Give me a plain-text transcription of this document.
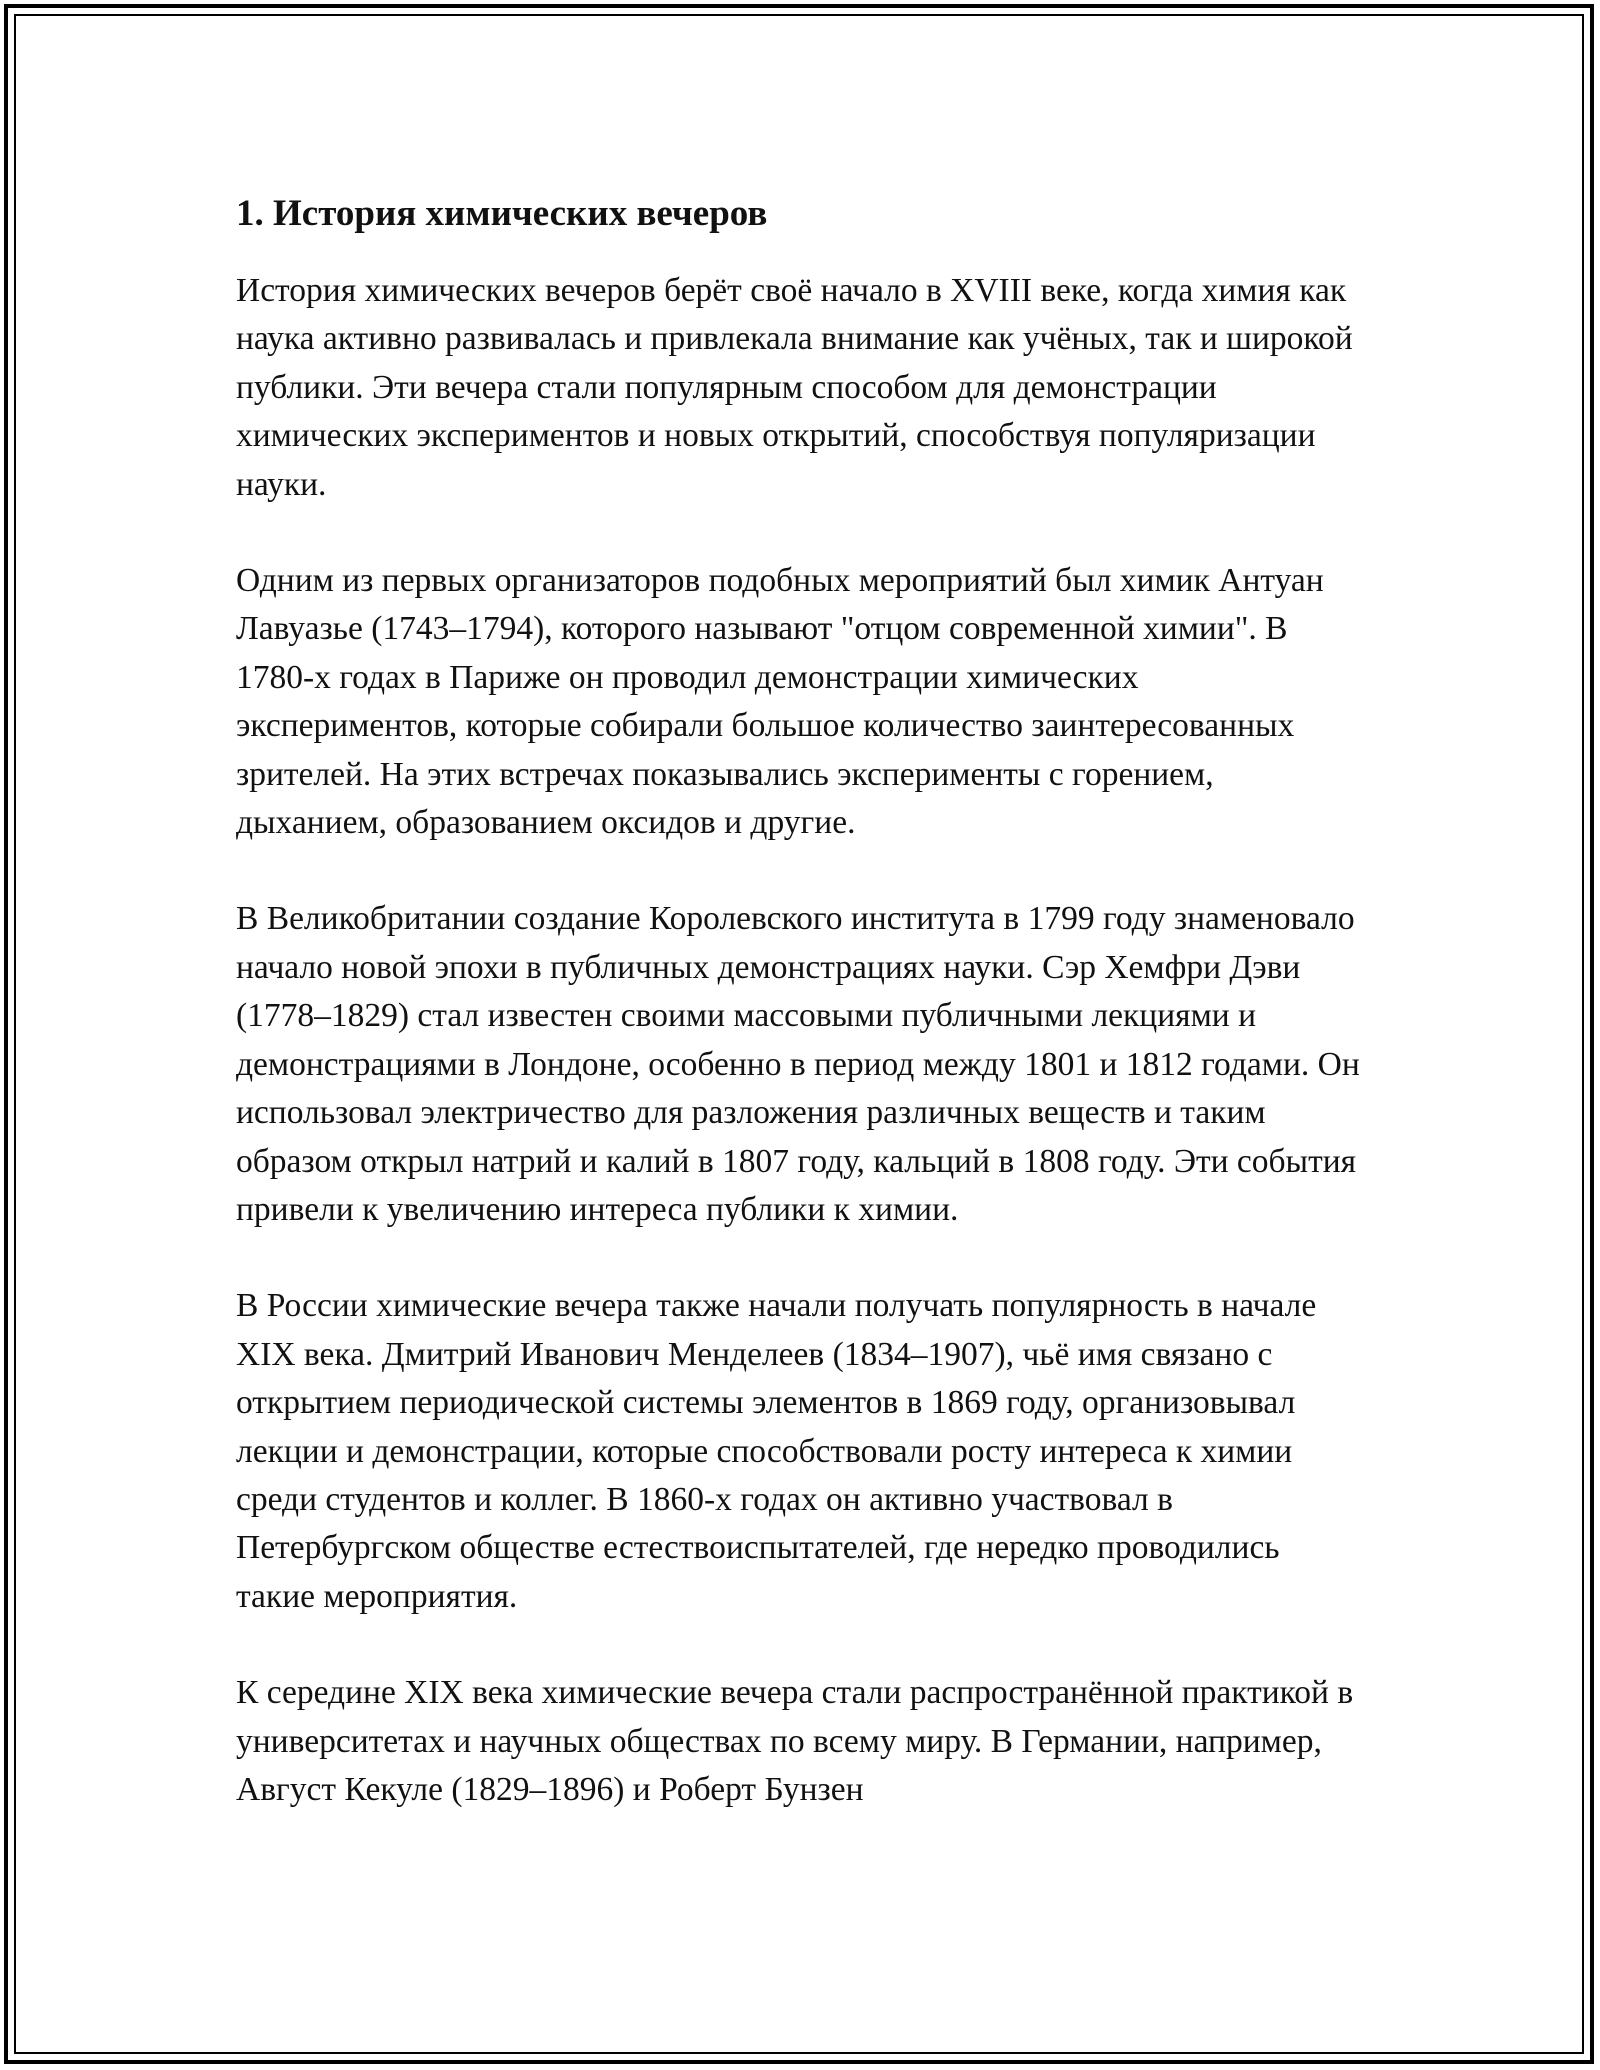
1. История химических вечеров

История химических вечеров берёт своё начало в XVIII веке, когда химия как наука активно развивалась и привлекала внимание как учёных, так и широкой публики. Эти вечера стали популярным способом для демонстрации химических экспериментов и новых открытий, способствуя популяризации науки.

Одним из первых организаторов подобных мероприятий был химик Антуан Лавуазье (1743–1794), которого называют "отцом современной химии". В 1780-х годах в Париже он проводил демонстрации химических экспериментов, которые собирали большое количество заинтересованных зрителей. На этих встречах показывались эксперименты с горением, дыханием, образованием оксидов и другие.

В Великобритании создание Королевского института в 1799 году знаменовало начало новой эпохи в публичных демонстрациях науки. Сэр Хемфри Дэви (1778–1829) стал известен своими массовыми публичными лекциями и демонстрациями в Лондоне, особенно в период между 1801 и 1812 годами. Он использовал электричество для разложения различных веществ и таким образом открыл натрий и калий в 1807 году, кальций в 1808 году. Эти события привели к увеличению интереса публики к химии.

В России химические вечера также начали получать популярность в начале XIX века. Дмитрий Иванович Менделеев (1834–1907), чьё имя связано с открытием периодической системы элементов в 1869 году, организовывал лекции и демонстрации, которые способствовали росту интереса к химии среди студентов и коллег. В 1860-х годах он активно участвовал в Петербургском обществе естествоиспытателей, где нередко проводились такие мероприятия.

К середине XIX века химические вечера стали распространённой практикой в университетах и научных обществах по всему миру. В Германии, например, Август Кекуле (1829–1896) и Роберт Бунзен
